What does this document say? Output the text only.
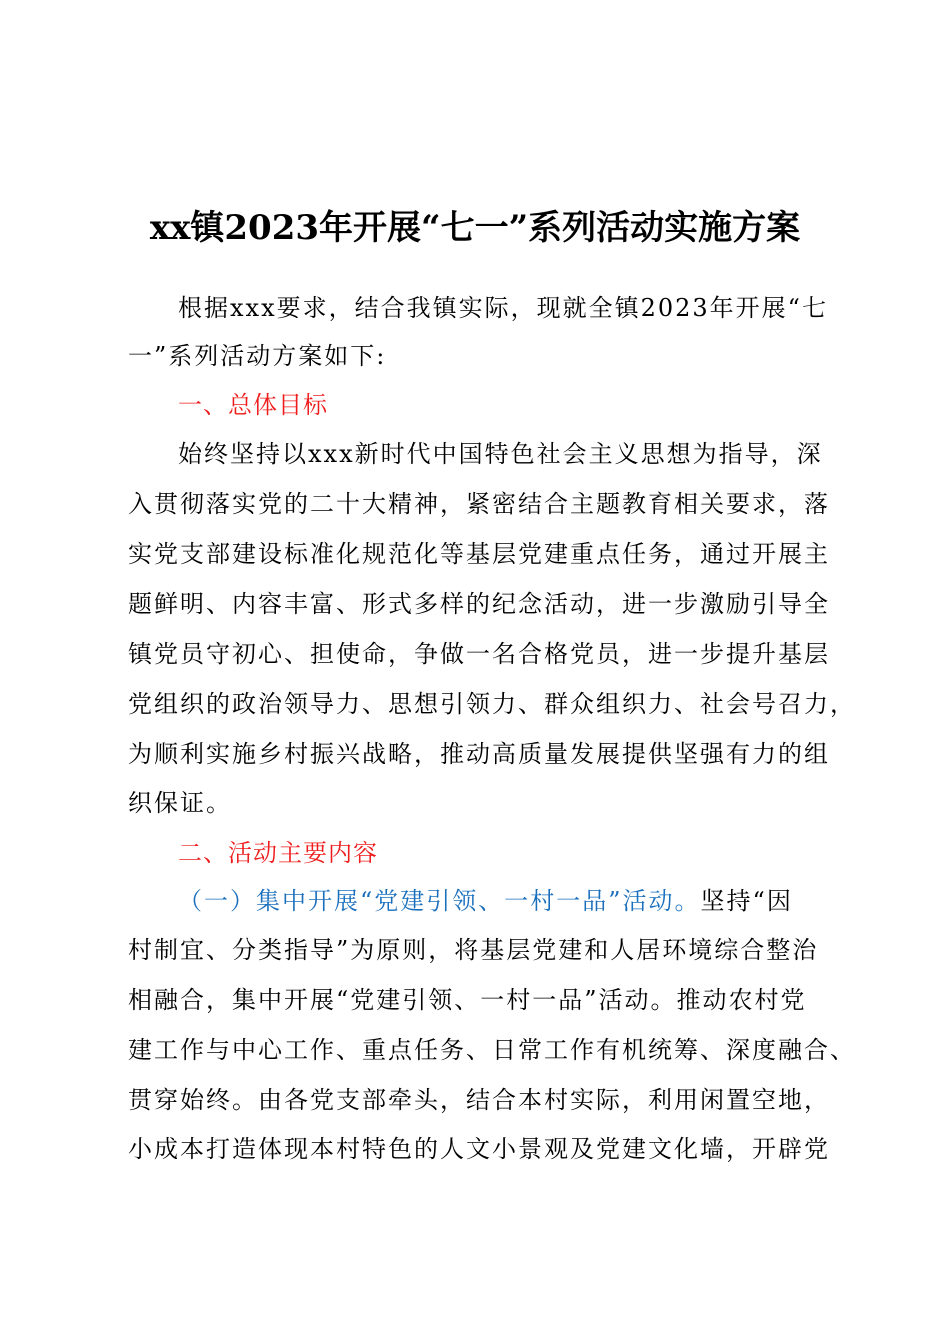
xx镇2023年开展“七一”系列活动实施方案
根据xxx要求，结合我镇实际，现就全镇2023年开展“七
一”系列活动方案如下:
一、总体目标
始终坚持以xxx新时代中国特色社会主义思想为指导，深
入贯彻落实党的二十大精神，紧密结合主题教育相关要求，落
实党支部建设标准化规范化等基层党建重点任务，通过开展主
题鲜明、内容丰富、形式多样的纪念活动，进一步激励引导全
镇党员守初心、担使命，争做一名合格党员，进一步提升基层
党组织的政治领导力、思想引领力、群众组织力、社会号召力，
为顺利实施乡村振兴战略，推动高质量发展提供坚强有力的组
织保证。
二、活动主要内容
（一）集中开展“党建引领、一村一品”活动。坚持“因
村制宜、分类指导”为原则，将基层党建和人居环境综合整治
相融合，集中开展“党建引领、一村一品”活动。推动农村党
建工作与中心工作、重点任务、日常工作有机统筹、深度融合、
贯穿始终。由各党支部牵头，结合本村实际，利用闲置空地，
小成本打造体现本村特色的人文小景观及党建文化墙，开辟党
